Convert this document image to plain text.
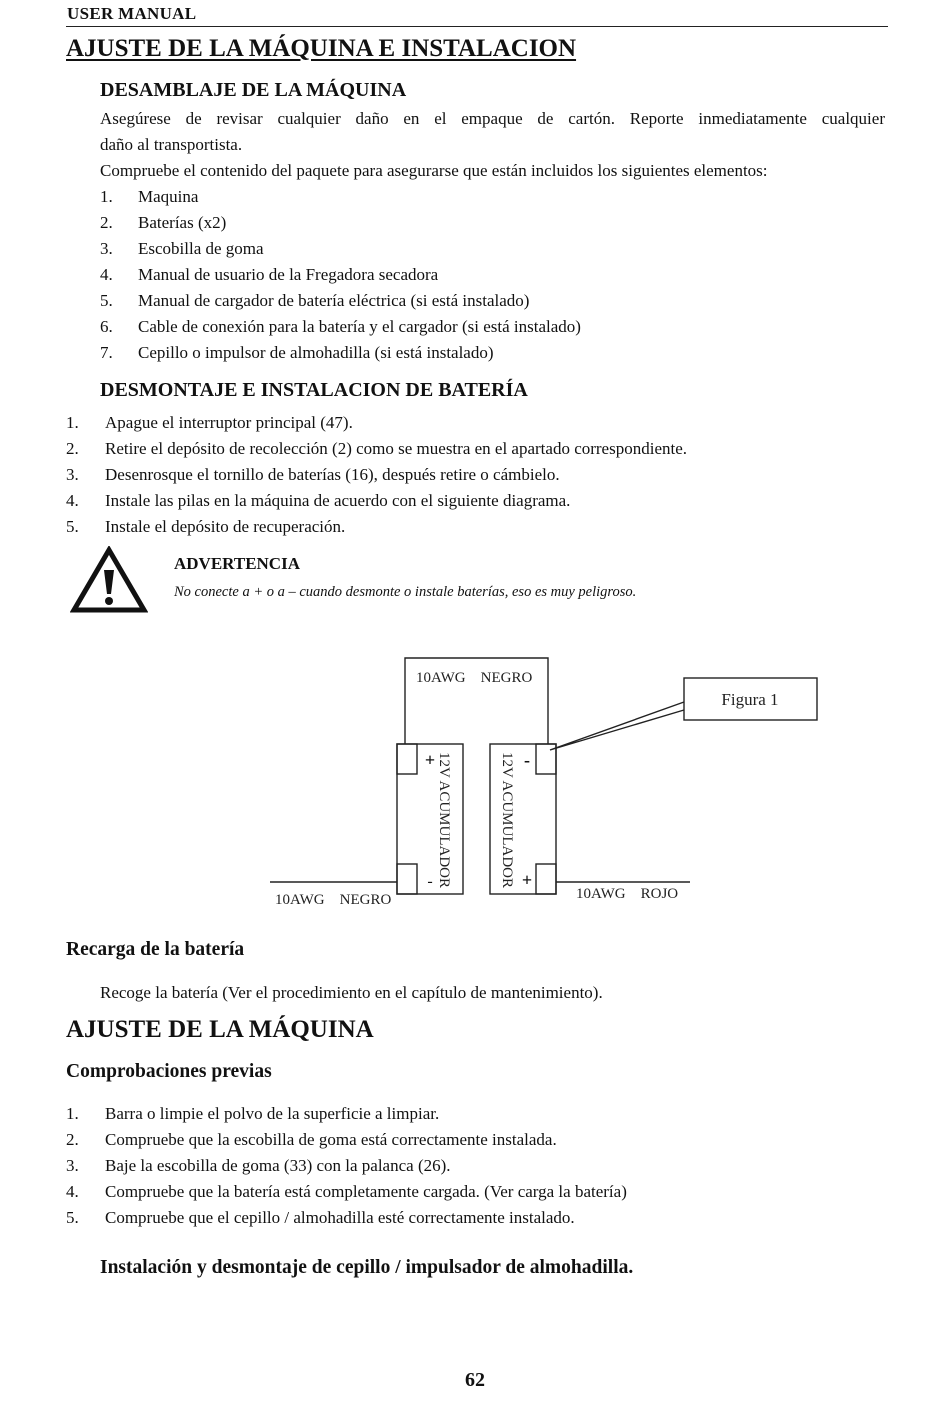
USER MANUAL
AJUSTE DE LA MÁQUINA E INSTALACION
DESAMBLAJE DE LA MÁQUINA
Asegúrese de revisar cualquier daño en el empaque de cartón. Reporte inmediatamente cualquier
daño al transportista.
Compruebe el contenido del paquete para asegurarse que están incluidos los siguientes elementos:
1. Maquina
2. Baterías (x2)
3. Escobilla de goma
4. Manual de usuario de la Fregadora secadora
5. Manual de cargador de batería eléctrica (si está instalado)
6. Cable de conexión para la batería y el cargador (si está instalado)
7. Cepillo o impulsor de almohadilla (si está instalado)
DESMONTAJE E INSTALACION DE BATERÍA
1. Apague el interruptor principal (47).
2. Retire el depósito de recolección (2) como se muestra en el apartado correspondiente.
3. Desenrosque el tornillo de baterías (16), después retire o cámbielo.
4. Instale las pilas en la máquina de acuerdo con el siguiente diagrama.
5. Instale el depósito de recuperación.
ADVERTENCIA
No conecte a + o a – cuando desmonte o instale baterías, eso es muy peligroso.
10AWG    NEGRO
10AWG    NEGRO	10AWG    ROJO
Figura 1
+
-
-
+
12V ACUMULADOR	12V ACUMULADOR
Recarga de la batería
Recoge la batería (Ver el procedimiento en el capítulo de mantenimiento).
AJUSTE DE LA MÁQUINA
Comprobaciones previas
1. Barra o limpie el polvo de la superficie a limpiar.
2. Compruebe que la escobilla de goma está correctamente instalada.
3. Baje la escobilla de goma (33) con la palanca (26).
4. Compruebe que la batería está completamente cargada. (Ver carga la batería)
5. Compruebe que el cepillo / almohadilla esté correctamente instalado.
Instalación y desmontaje de cepillo / impulsador de almohadilla.
62
